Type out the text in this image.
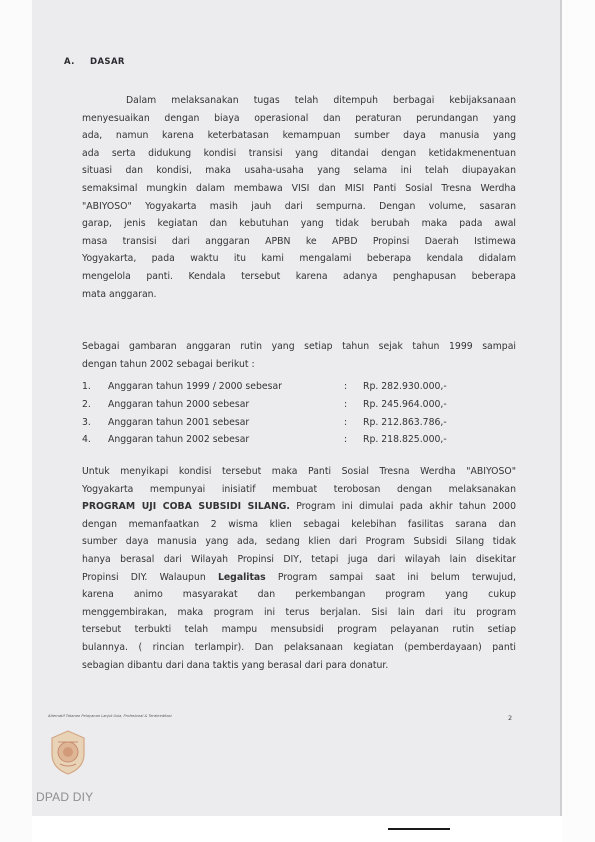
A. DASAR
Dalam melaksanakan tugas telah ditempuh berbagai kebijaksanaan
menyesuaikan dengan biaya operasional dan peraturan perundangan yang
ada, namun karena keterbatasan kemampuan sumber daya manusia yang
ada serta didukung kondisi transisi yang ditandai dengan ketidakmenentuan
situasi dan kondisi, maka usaha-usaha yang selama ini telah diupayakan
semaksimal mungkin dalam membawa VISI dan MISI Panti Sosial Tresna Werdha
"ABIYOSO" Yogyakarta masih jauh dari sempurna. Dengan volume, sasaran
garap, jenis kegiatan dan kebutuhan yang tidak berubah maka pada awal
masa transisi dari anggaran APBN ke APBD Propinsi Daerah Istimewa
Yogyakarta, pada waktu itu kami mengalami beberapa kendala didalam
mengelola panti. Kendala tersebut karena adanya penghapusan beberapa
mata anggaran.
Sebagai gambaran anggaran rutin yang setiap tahun sejak tahun 1999 sampai
dengan tahun 2002 sebagai berikut :
1. Anggaran tahun 1999 / 2000 sebesar	: Rp. 282.930.000,-
2. Anggaran tahun 2000 sebesar	: Rp. 245.964.000,-
3. Anggaran tahun 2001 sebesar	: Rp. 212.863.786,-
4. Anggaran tahun 2002 sebesar	: Rp. 218.825.000,-
Untuk menyikapi kondisi tersebut maka Panti Sosial Tresna Werdha "ABIYOSO"
Yogyakarta mempunyai inisiatif membuat terobosan dengan melaksanakan
PROGRAM UJI COBA SUBSIDI SILANG. Program ini dimulai pada akhir tahun 2000
dengan memanfaatkan 2 wisma klien sebagai kelebihan fasilitas sarana dan
sumber daya manusia yang ada, sedang klien dari Program Subsidi Silang tidak
hanya berasal dari Wilayah Propinsi DIY, tetapi juga dari wilayah lain disekitar
Propinsi DIY. Walaupun Legalitas Program sampai saat ini belum terwujud,
karena animo masyarakat dan perkembangan program yang cukup
menggembirakan, maka program ini terus berjalan. Sisi lain dari itu program
tersebut terbukti telah mampu mensubsidi program pelayanan rutin setiap
bulannya. ( rincian terlampir). Dan pelaksanaan kegiatan (pemberdayaan) panti
sebagian dibantu dari dana taktis yang berasal dari para donatur.
Alternatif Tatanan Pelayanan Lanjut Usia, Profesional & Terakreditasi	2
DPAD DIY
